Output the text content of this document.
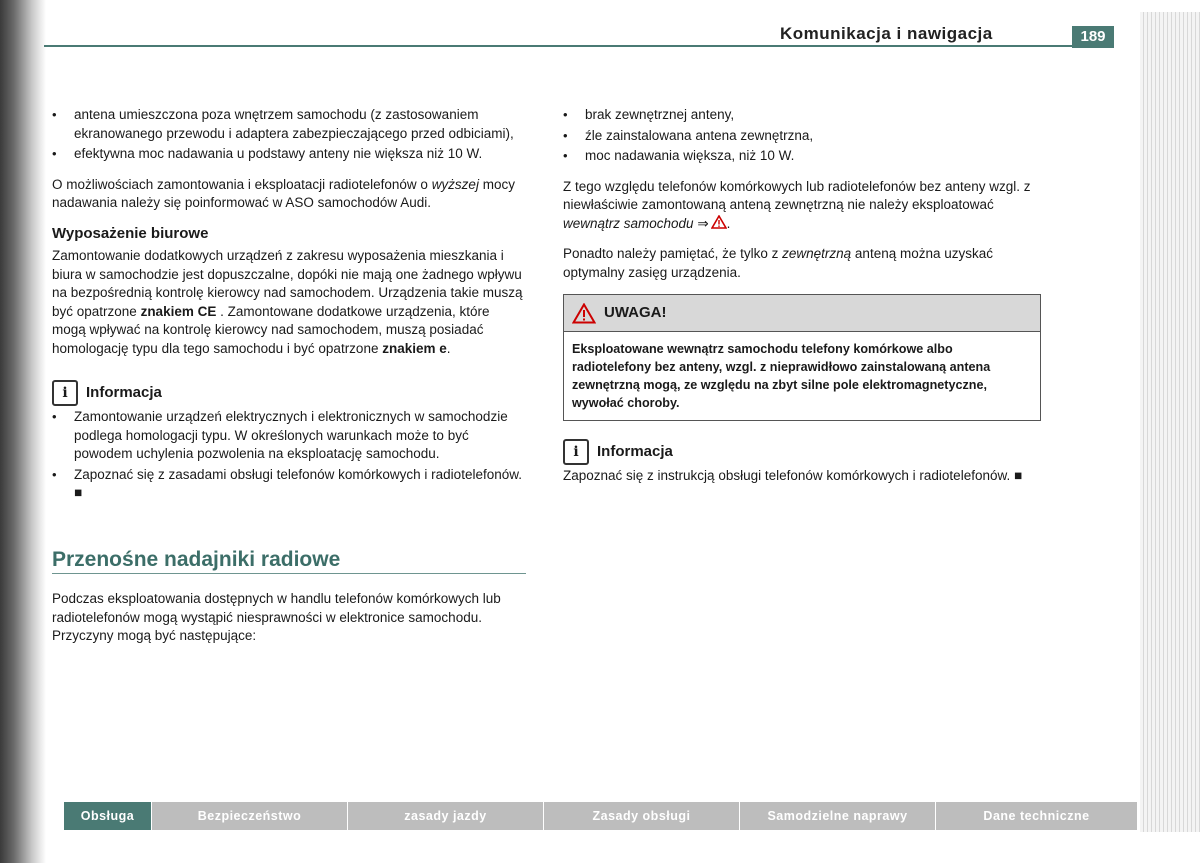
Komunikacja i nawigacja	189
•	antena umieszczona poza wnętrzem samochodu (z zastosowaniem ekranowanego przewodu i adaptera zabezpieczającego przed odbiciami),
•	efektywna moc nadawania u podstawy anteny nie większa niż 10 W.

O możliwościach zamontowania i eksploatacji radiotelefonów o wyższej mocy nadawania należy się poinformować w ASO samochodów Audi.

Wyposażenie biurowe

Zamontowanie dodatkowych urządzeń z zakresu wyposażenia mieszkania i biura w samochodzie jest dopuszczalne, dopóki nie mają one żadnego wpływu na bezpośrednią kontrolę kierowcy nad samochodem. Urządzenia takie muszą być opatrzone znakiem CE . Zamontowane dodatkowe urządzenia, które mogą wpływać na kontrolę kierowcy nad samochodem, muszą posiadać homologację typu dla tego samochodu i być opatrzone znakiem e.

i	Informacja
•	Zamontowanie urządzeń elektrycznych i elektronicznych w samochodzie podlega homologacji typu. W określonych warunkach może to być powodem uchylenia pozwolenia na eksploatację samochodu.
•	Zapoznać się z zasadami obsługi telefonów komórkowych i radiotelefonów. ■
Przenośne nadajniki radiowe

Podczas eksploatowania dostępnych w handlu telefonów komórkowych lub radiotelefonów mogą wystąpić niesprawności w elektronice samochodu. Przyczyny mogą być następujące:

•	brak zewnętrznej anteny,
•	źle zainstalowana antena zewnętrzna,
•	moc nadawania większa, niż 10 W.

Z tego względu telefonów komórkowych lub radiotelefonów bez anteny wzgl. z niewłaściwie zamontowaną anteną zewnętrzną nie należy eksploatować wewnątrz samochodu ⇒ .

Ponadto należy pamiętać, że tylko z zewnętrzną anteną można uzyskać optymalny zasięg urządzenia.

UWAGA!
Eksploatowane wewnątrz samochodu telefony komórkowe albo radiotelefony bez anteny, wzgl. z nieprawidłowo zainstalowaną antena zewnętrzną mogą, ze względu na zbyt silne pole elektromagnetyczne, wywołać choroby.
i	Informacja

Zapoznać się z instrukcją obsługi telefonów komórkowych i radiotelefonów. ■

Obsługa	Bezpieczeństwo	zasady jazdy	Zasady obsługi	Samodzielne naprawy	Dane techniczne
